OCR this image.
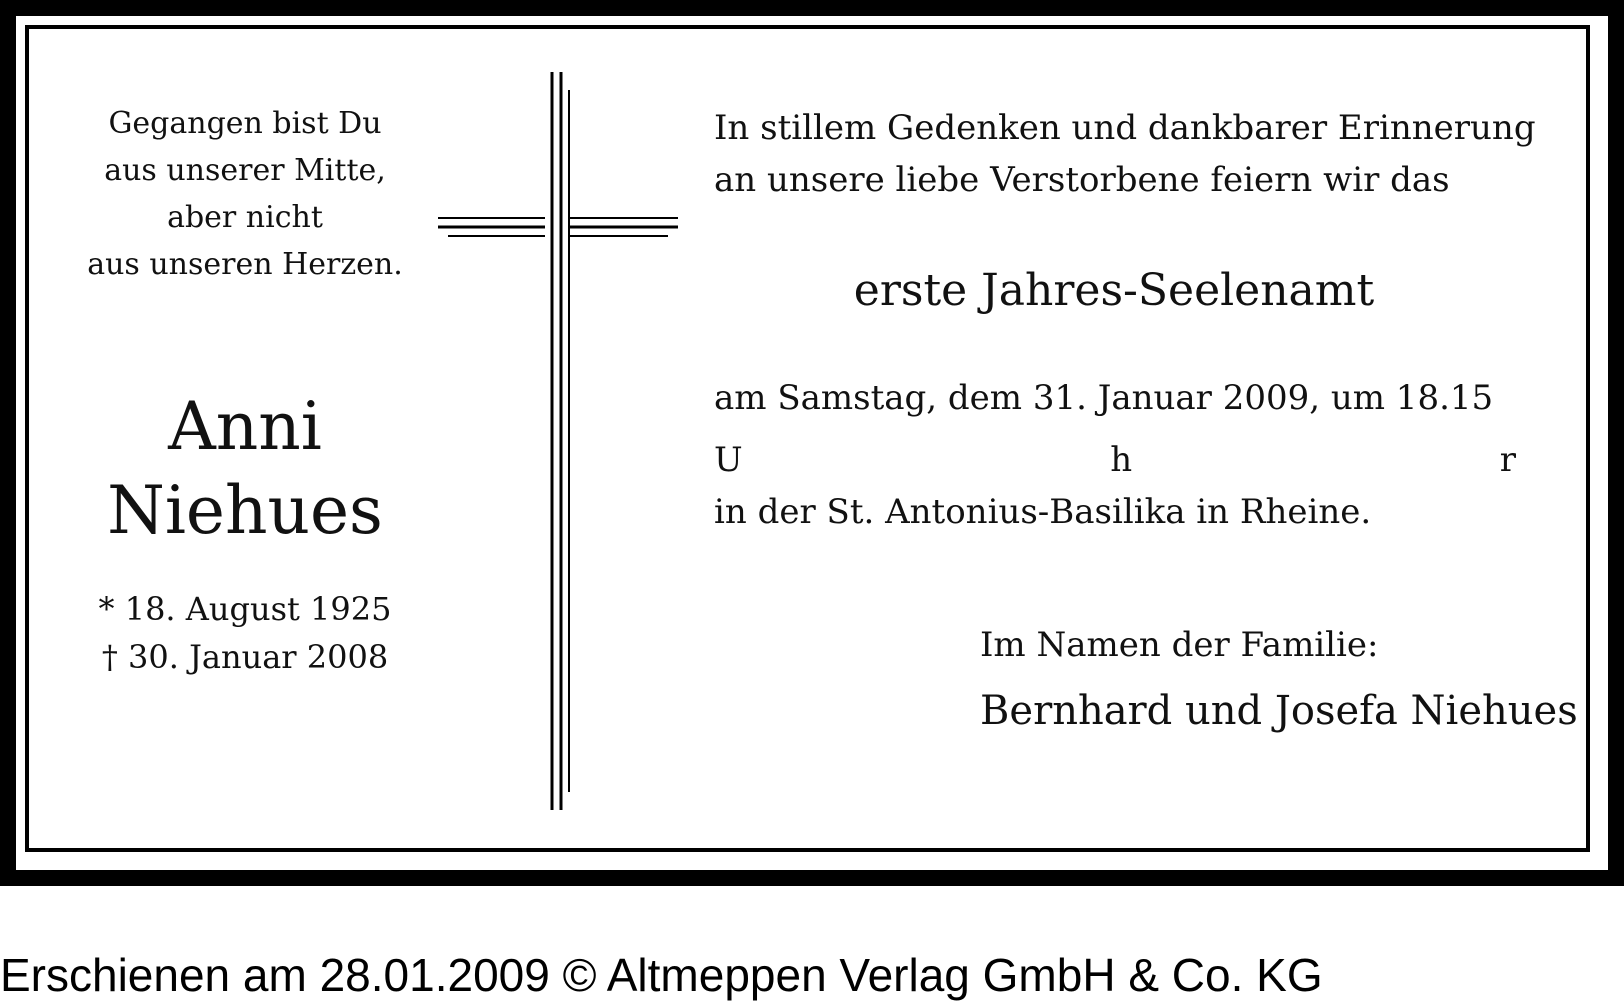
Gegangen bist Du
aus unserer Mitte,
aber nicht
aus unseren Herzen.
Anni
Niehues
* 18. August 1925
† 30. Januar 2008
In stillem Gedenken und dankbarer Erinnerung
an unsere liebe Verstorbene feiern wir das
erste Jahres-Seelenamt
am Samstag, dem 31. Januar 2009, um 18.15
U	h	r
in der St. Antonius-Basilika in Rheine.
Im Namen der Familie:
Bernhard und Josefa Niehues
Erschienen am 28.01.2009 © Altmeppen Verlag GmbH & Co. KG
